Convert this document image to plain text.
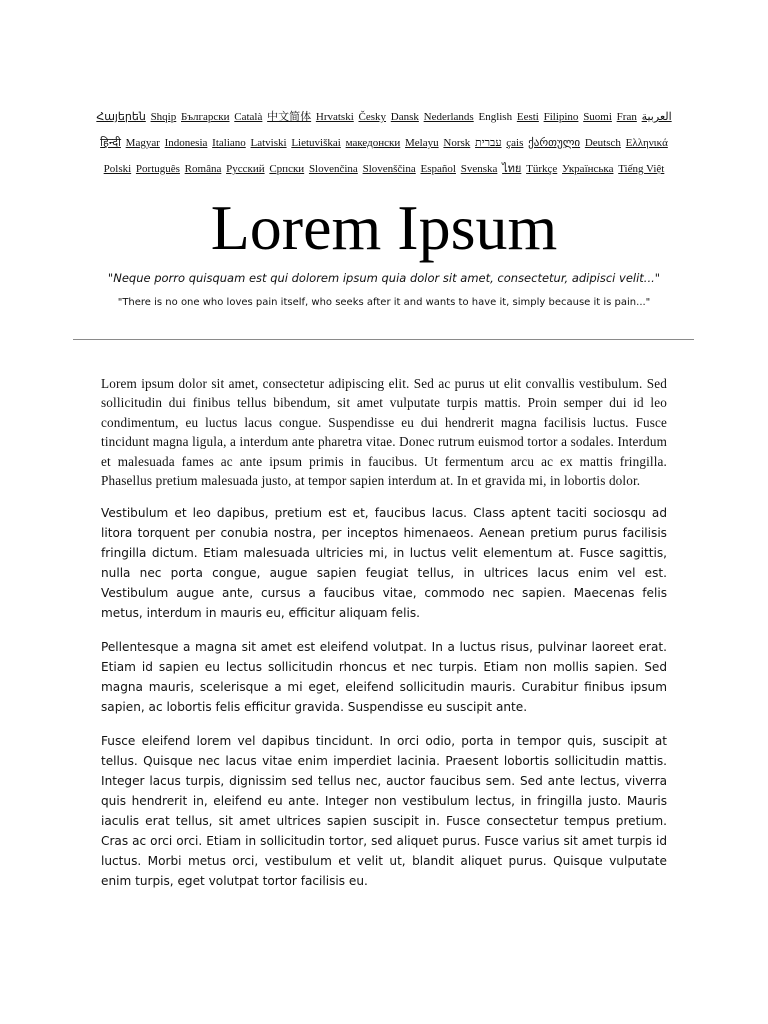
Հայերեն Shqip Български Català 中文简体 Hrvatski Česky Dansk Nederlands English Eesti Filipino Suomi Fran العربية हिन्दी Magyar Indonesia Italiano Latviski Lietuviškai македонски Melayu Norsk עברית çais ქართული Deutsch Ελληνικά Polski Português Româna Русский Српски Slovenčina Slovenščina Español Svenska ไทย Türkçe Українська Tiếng Việt
Lorem Ipsum
"Neque porro quisquam est qui dolorem ipsum quia dolor sit amet, consectetur, adipisci velit..."
"There is no one who loves pain itself, who seeks after it and wants to have it, simply because it is pain..."

Lorem ipsum dolor sit amet, consectetur adipiscing elit. Sed ac purus ut elit convallis vestibulum. Sed sollicitudin dui finibus tellus bibendum, sit amet vulputate turpis mattis. Proin semper dui id leo condimentum, eu luctus lacus congue. Suspendisse eu dui hendrerit magna facilisis luctus. Fusce tincidunt magna ligula, a interdum ante pharetra vitae. Donec rutrum euismod tortor a sodales. Interdum et malesuada fames ac ante ipsum primis in faucibus. Ut fermentum arcu ac ex mattis fringilla. Phasellus pretium malesuada justo, at tempor sapien interdum at. In et gravida mi, in lobortis dolor.

Vestibulum et leo dapibus, pretium est et, faucibus lacus. Class aptent taciti sociosqu ad litora torquent per conubia nostra, per inceptos himenaeos. Aenean pretium purus facilisis fringilla dictum. Etiam malesuada ultricies mi, in luctus velit elementum at. Fusce sagittis, nulla nec porta congue, augue sapien feugiat tellus, in ultrices lacus enim vel est. Vestibulum augue ante, cursus a faucibus vitae, commodo nec sapien. Maecenas felis metus, interdum in mauris eu, efficitur aliquam felis.

Pellentesque a magna sit amet est eleifend volutpat. In a luctus risus, pulvinar laoreet erat. Etiam id sapien eu lectus sollicitudin rhoncus et nec turpis. Etiam non mollis sapien. Sed magna mauris, scelerisque a mi eget, eleifend sollicitudin mauris. Curabitur finibus ipsum sapien, ac lobortis felis efficitur gravida. Suspendisse eu suscipit ante.

Fusce eleifend lorem vel dapibus tincidunt. In orci odio, porta in tempor quis, suscipit at tellus. Quisque nec lacus vitae enim imperdiet lacinia. Praesent lobortis sollicitudin mattis. Integer lacus turpis, dignissim sed tellus nec, auctor faucibus sem. Sed ante lectus, viverra quis hendrerit in, eleifend eu ante. Integer non vestibulum lectus, in fringilla justo. Mauris iaculis erat tellus, sit amet ultrices sapien suscipit in. Fusce consectetur tempus pretium. Cras ac orci orci. Etiam in sollicitudin tortor, sed aliquet purus. Fusce varius sit amet turpis id luctus. Morbi metus orci, vestibulum et velit ut, blandit aliquet purus. Quisque vulputate enim turpis, eget volutpat tortor facilisis eu.
